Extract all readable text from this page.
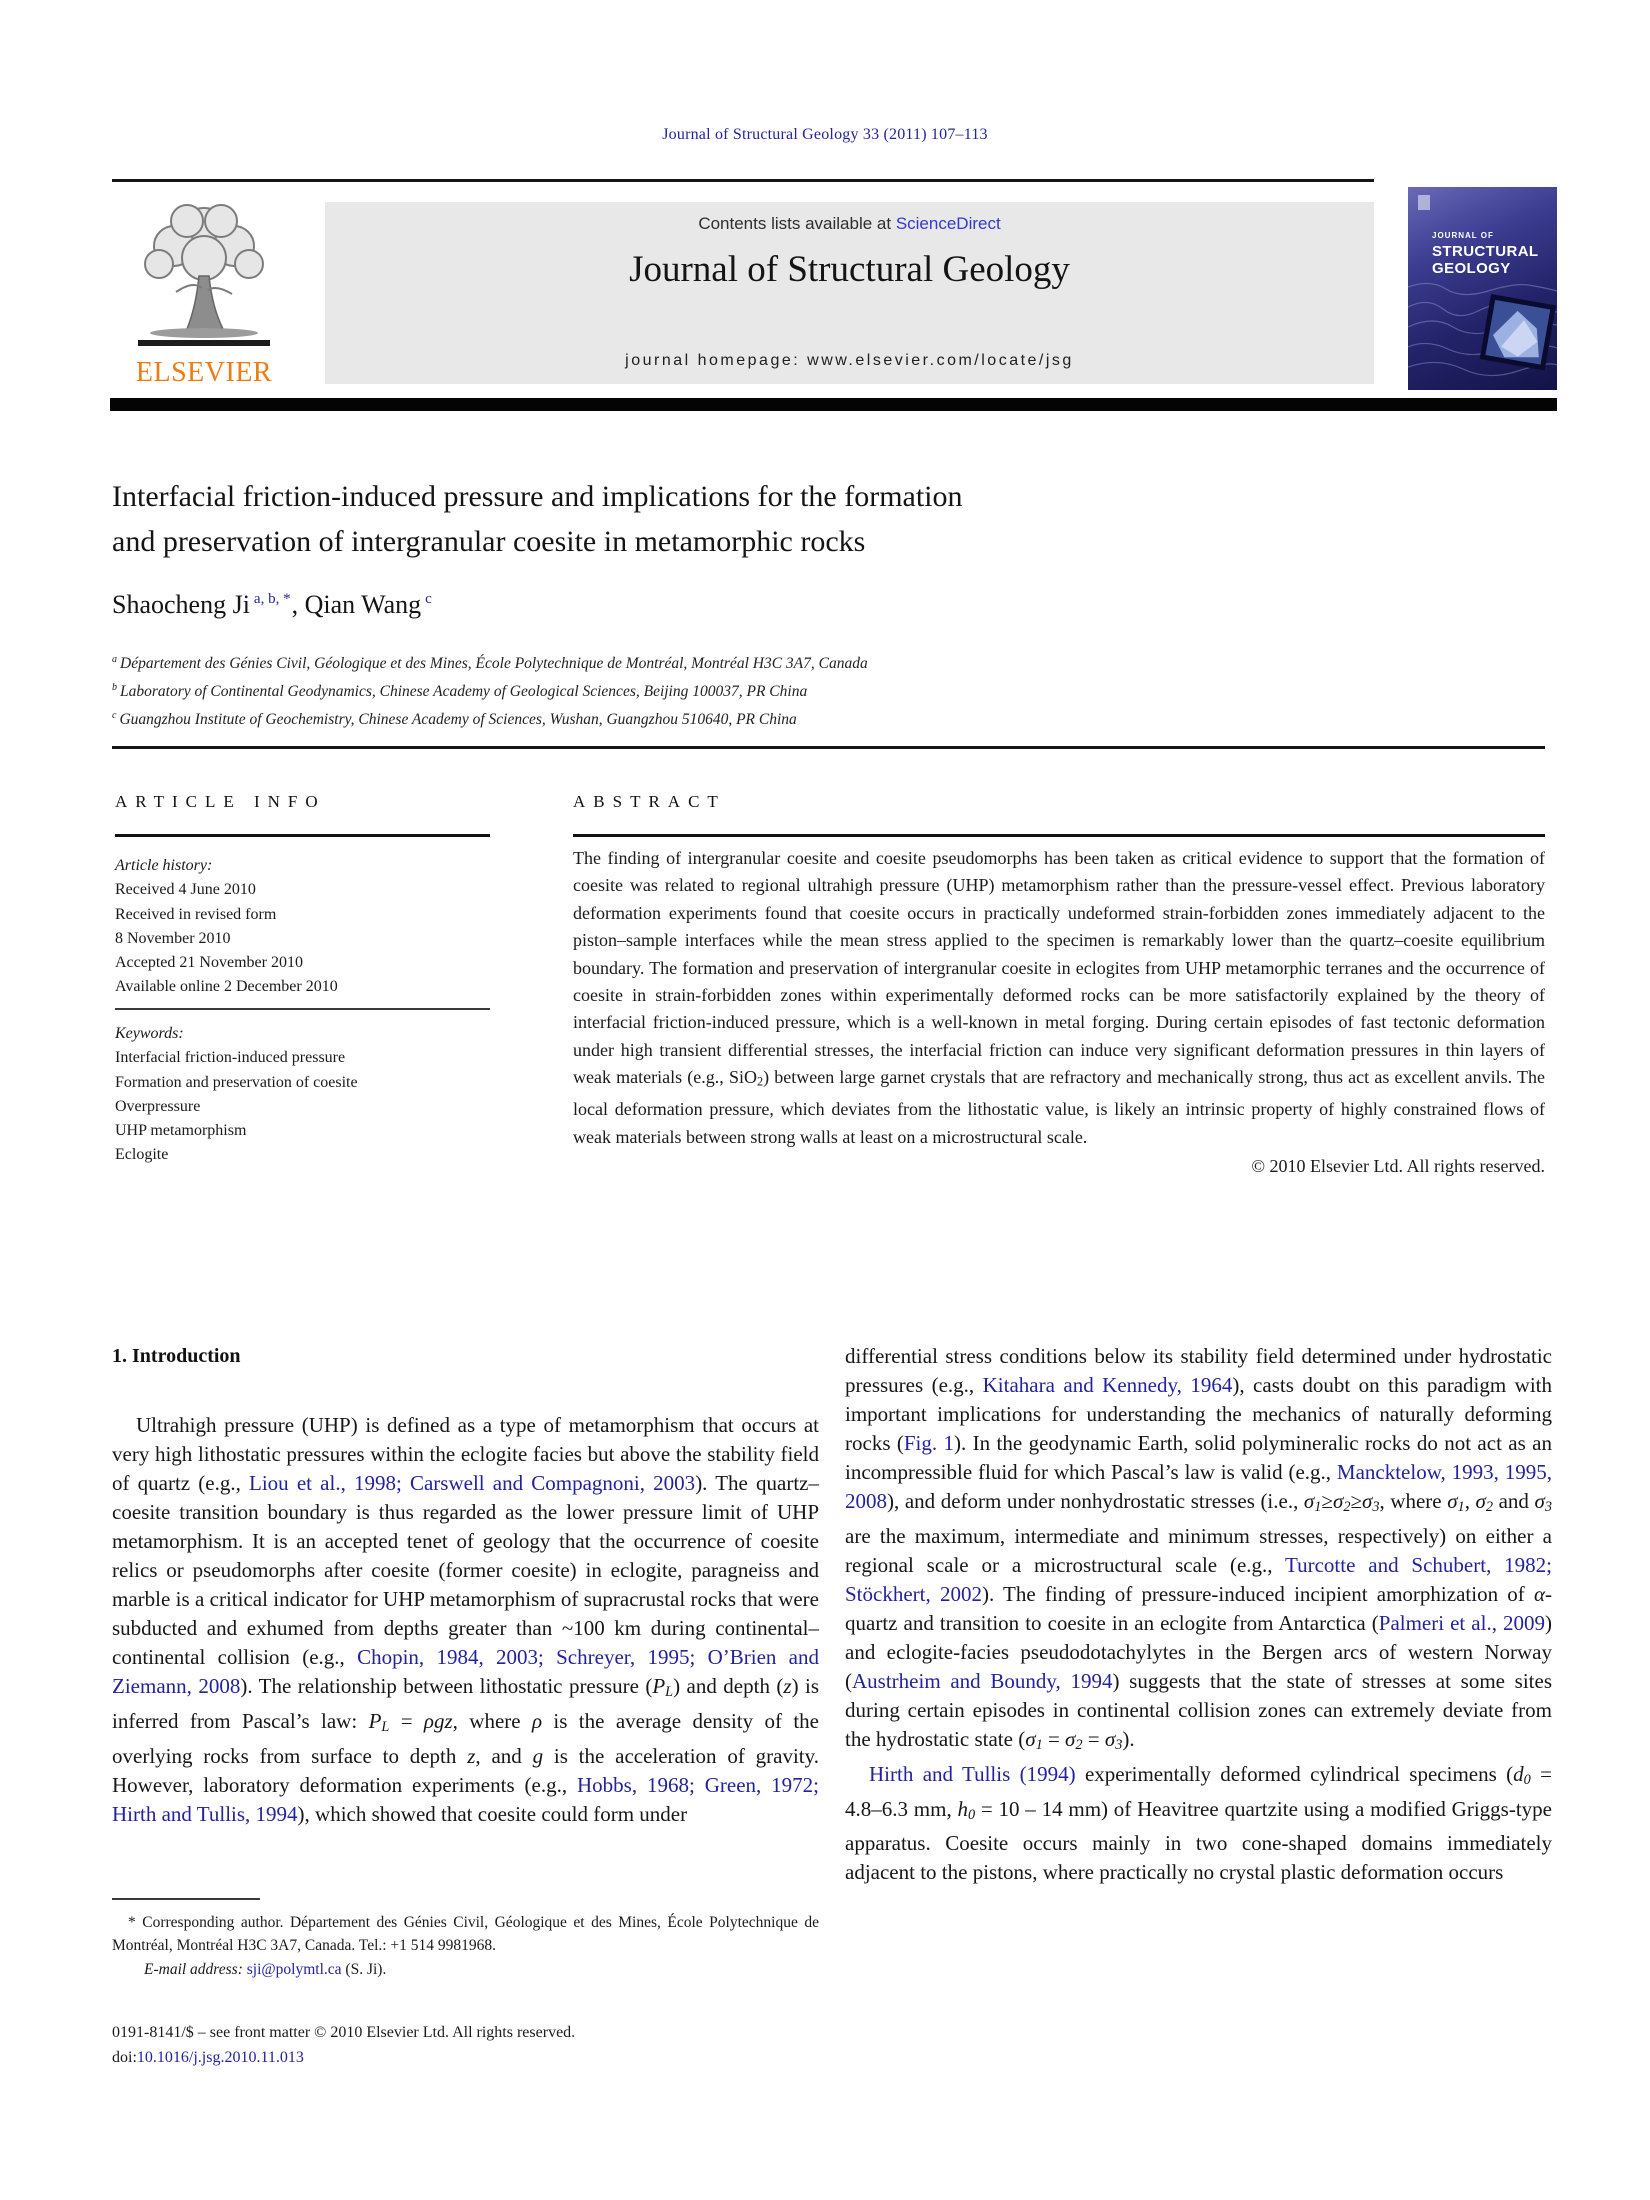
Journal of Structural Geology 33 (2011) 107–113
ELSEVIER
Contents lists available at ScienceDirect
Journal of Structural Geology
journal homepage: www.elsevier.com/locate/jsg
JOURNAL OF
STRUCTURAL
GEOLOGY
Interfacial friction-induced pressure and implications for the formation
and preservation of intergranular coesite in metamorphic rocks
Shaocheng Ji $^{a, b, *}$, Qian Wang $^c$
$^a$ Département des Génies Civil, Géologique et des Mines, École Polytechnique de Montréal, Montréal H3C 3A7, Canada
$^b$ Laboratory of Continental Geodynamics, Chinese Academy of Geological Sciences, Beijing 100037, PR China
$^c$ Guangzhou Institute of Geochemistry, Chinese Academy of Sciences, Wushan, Guangzhou 510640, PR China
ARTICLE INFO
Article history:
Received 4 June 2010
Received in revised form
8 November 2010
Accepted 21 November 2010
Available online 2 December 2010
Keywords:
Interfacial friction-induced pressure
Formation and preservation of coesite
Overpressure
UHP metamorphism
Eclogite
ABSTRACT

The finding of intergranular coesite and coesite pseudomorphs has been taken as critical evidence to support that the formation of coesite was related to regional ultrahigh pressure (UHP) metamorphism rather than the pressure-vessel effect. Previous laboratory deformation experiments found that coesite occurs in practically undeformed strain-forbidden zones immediately adjacent to the piston–sample interfaces while the mean stress applied to the specimen is remarkably lower than the quartz–coesite equilibrium boundary. The formation and preservation of intergranular coesite in eclogites from UHP metamorphic terranes and the occurrence of coesite in strain-forbidden zones within experimentally deformed rocks can be more satisfactorily explained by the theory of interfacial friction-induced pressure, which is a well-known in metal forging. During certain episodes of fast tectonic deformation under high transient differential stresses, the interfacial friction can induce very significant deformation pressures in thin layers of weak materials (e.g., SiO2) between large garnet crystals that are refractory and mechanically strong, thus act as excellent anvils. The local deformation pressure, which deviates from the lithostatic value, is likely an intrinsic property of highly constrained flows of weak materials between strong walls at least on a microstructural scale.

© 2010 Elsevier Ltd. All rights reserved.
1. Introduction

Ultrahigh pressure (UHP) is defined as a type of metamorphism that occurs at very high lithostatic pressures within the eclogite facies but above the stability field of quartz (e.g., Liou et al., 1998; Carswell and Compagnoni, 2003). The quartz–coesite transition boundary is thus regarded as the lower pressure limit of UHP metamorphism. It is an accepted tenet of geology that the occurrence of coesite relics or pseudomorphs after coesite (former coesite) in eclogite, paragneiss and marble is a critical indicator for UHP metamorphism of supracrustal rocks that were subducted and exhumed from depths greater than ~100 km during continental–continental collision (e.g., Chopin, 1984, 2003; Schreyer, 1995; O’Brien and Ziemann, 2008). The relationship between lithostatic pressure (PL) and depth (z) is inferred from Pascal’s law: PL = ρgz, where ρ is the average density of the overlying rocks from surface to depth z, and g is the acceleration of gravity. However, laboratory deformation experiments (e.g., Hobbs, 1968; Green, 1972; Hirth and Tullis, 1994), which showed that coesite could form under

differential stress conditions below its stability field determined under hydrostatic pressures (e.g., Kitahara and Kennedy, 1964), casts doubt on this paradigm with important implications for understanding the mechanics of naturally deforming rocks (Fig. 1). In the geodynamic Earth, solid polymineralic rocks do not act as an incompressible fluid for which Pascal’s law is valid (e.g., Mancktelow, 1993, 1995, 2008), and deform under nonhydrostatic stresses (i.e., σ1≥σ2≥σ3, where σ1, σ2 and σ3 are the maximum, intermediate and minimum stresses, respectively) on either a regional scale or a microstructural scale (e.g., Turcotte and Schubert, 1982; Stöckhert, 2002). The finding of pressure-induced incipient amorphization of α-quartz and transition to coesite in an eclogite from Antarctica (Palmeri et al., 2009) and eclogite-facies pseudodotachylytes in the Bergen arcs of western Norway (Austrheim and Boundy, 1994) suggests that the state of stresses at some sites during certain episodes in continental collision zones can extremely deviate from the hydrostatic state (σ1 = σ2 = σ3).

Hirth and Tullis (1994) experimentally deformed cylindrical specimens (d0 = 4.8–6.3 mm, h0 = 10 – 14 mm) of Heavitree quartzite using a modified Griggs-type apparatus. Coesite occurs mainly in two cone-shaped domains immediately adjacent to the pistons, where practically no crystal plastic deformation occurs

* Corresponding author. Département des Génies Civil, Géologique et des Mines, École Polytechnique de Montréal, Montréal H3C 3A7, Canada. Tel.: +1 514 9981968.

E-mail address: sji@polymtl.ca (S. Ji).

0191-8141/$ – see front matter © 2010 Elsevier Ltd. All rights reserved.
doi:10.1016/j.jsg.2010.11.013
